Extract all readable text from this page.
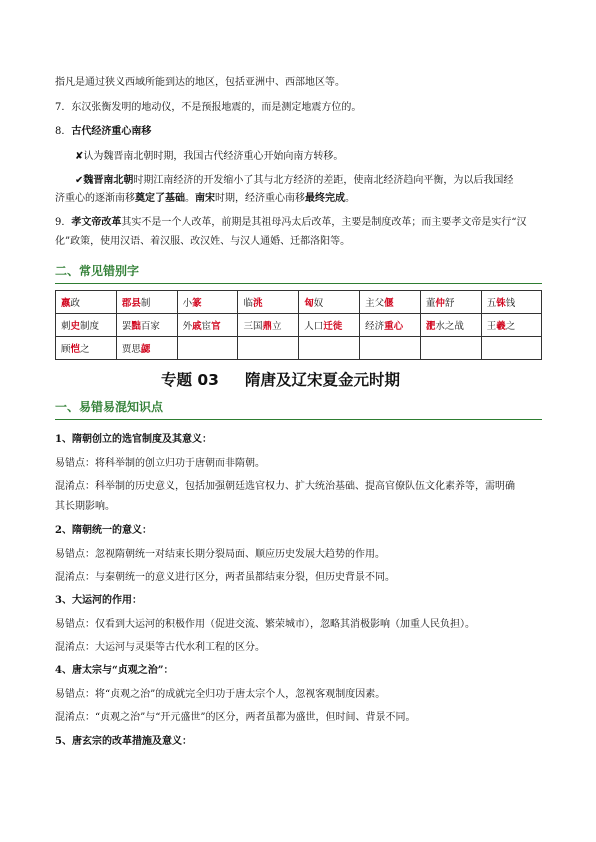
指凡是通过狭义西域所能到达的地区，包括亚洲中、西部地区等。
7．东汉张衡发明的地动仪，不是预报地震的，而是测定地震方位的。
8．古代经济重心南移
✘认为魏晋南北朝时期，我国古代经济重心开始向南方转移。
✔魏晋南北朝时期江南经济的开发缩小了其与北方经济的差距，使南北经济趋向平衡，为以后我国经
济重心的逐渐南移奠定了基础。南宋时期，经济重心南移最终完成。
9．孝文帝改革其实不是一个人改革，前期是其祖母冯太后改革，主要是制度改革；而主要孝文帝是实行“汉
化”政策，使用汉语、着汉服、改汉姓、与汉人通婚、迁都洛阳等。
二、常见错别字
嬴政	郡县制	小篆	临洮	匈奴	主父偃	董仲舒	五铢钱
刺史制度	罢黜百家	外戚宦官	三国鼎立	人口迁徙	经济重心	淝水之战	王羲之
顾恺之	贾思勰						
专题 03 隋唐及辽宋夏金元时期
一、易错易混知识点
1、隋朝创立的选官制度及其意义：
易错点：将科举制的创立归功于唐朝而非隋朝。
混淆点：科举制的历史意义，包括加强朝廷选官权力、扩大统治基础、提高官僚队伍文化素养等，需明确
其长期影响。
2、隋朝统一的意义：
易错点：忽视隋朝统一对结束长期分裂局面、顺应历史发展大趋势的作用。
混淆点：与秦朝统一的意义进行区分，两者虽都结束分裂，但历史背景不同。
3、大运河的作用：
易错点：仅看到大运河的积极作用（促进交流、繁荣城市），忽略其消极影响（加重人民负担）。
混淆点：大运河与灵渠等古代水利工程的区分。
4、唐太宗与“贞观之治”：
易错点：将“贞观之治”的成就完全归功于唐太宗个人，忽视客观制度因素。
混淆点：“贞观之治”与“开元盛世”的区分，两者虽都为盛世，但时间、背景不同。
5、唐玄宗的改革措施及意义：
